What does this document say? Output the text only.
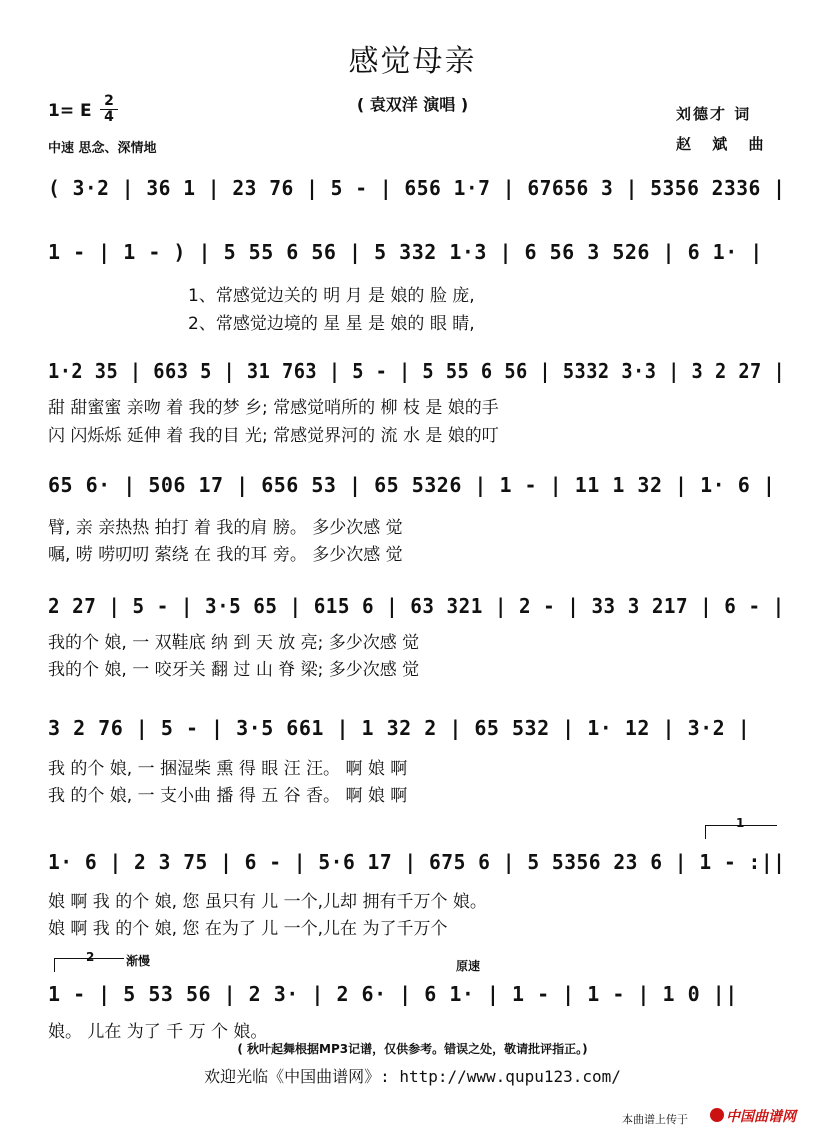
感觉母亲
( 袁双洋 演唱 )
1= E 2
4
中速 思念、深情地
刘德才 词
赵 斌 曲
( 3·2 | 36 1 | 23 76 | 5 - | 656 1·7 | 67656 3 | 5356 2336 |
1 - | 1 - ) | 5 55 6 56 | 5 332 1·3 | 6 56 3 526 | 6 1· |
1、常感觉边关的 明 月 是 娘的 脸 庞,
2、常感觉边境的 星 星 是 娘的 眼 睛,
1·2 35 | 663 5 | 31 763 | 5 - | 5 55 6 56 | 5332 3·3 | 3 2 27 |
甜 甜蜜蜜 亲吻 着 我的梦 乡; 常感觉哨所的 柳 枝 是 娘的手
闪 闪烁烁 延伸 着 我的目 光; 常感觉界河的 流 水 是 娘的叮
65 6· | 506 17 | 656 53 | 65 5326 | 1 - | 11 1 32 | 1· 6 |
臂, 亲 亲热热 拍打 着 我的肩 膀。 多少次感 觉
嘱, 唠 唠叨叨 萦绕 在 我的耳 旁。 多少次感 觉
2 27 | 5 - | 3·5 65 | 615 6 | 63 321 | 2 - | 33 3 217 | 6 - |
我的个 娘, 一 双鞋底 纳 到 天 放 亮; 多少次感 觉
我的个 娘, 一 咬牙关 翻 过 山 脊 梁; 多少次感 觉
3 2 76 | 5 - | 3·5 661 | 1 32 2 | 65 532 | 1· 12 | 3·2 |
我 的个 娘, 一 捆湿柴 熏 得 眼 汪 汪。 啊 娘 啊
我 的个 娘, 一 支小曲 播 得 五 谷 香。 啊 娘 啊
1
1· 6 | 2 3 75 | 6 - | 5·6 17 | 675 6 | 5 5356 23 6 | 1 - :||
娘 啊 我 的个 娘, 您 虽只有 儿 一个,儿却 拥有千万个 娘。
娘 啊 我 的个 娘, 您 在为了 儿 一个,儿在 为了千万个
2	渐慢	原速
1 - | 5 53 56 | 2 3· | 2 6· | 6 1· | 1 - | 1 - | 1 0 ||
娘。 儿在 为了 千 万 个 娘。
( 秋叶起舞根据MP3记谱，仅供参考。错误之处，敬请批评指正。)
欢迎光临《中国曲谱网》: http://www.qupu123.com/
本曲谱上传于	中国曲谱网
